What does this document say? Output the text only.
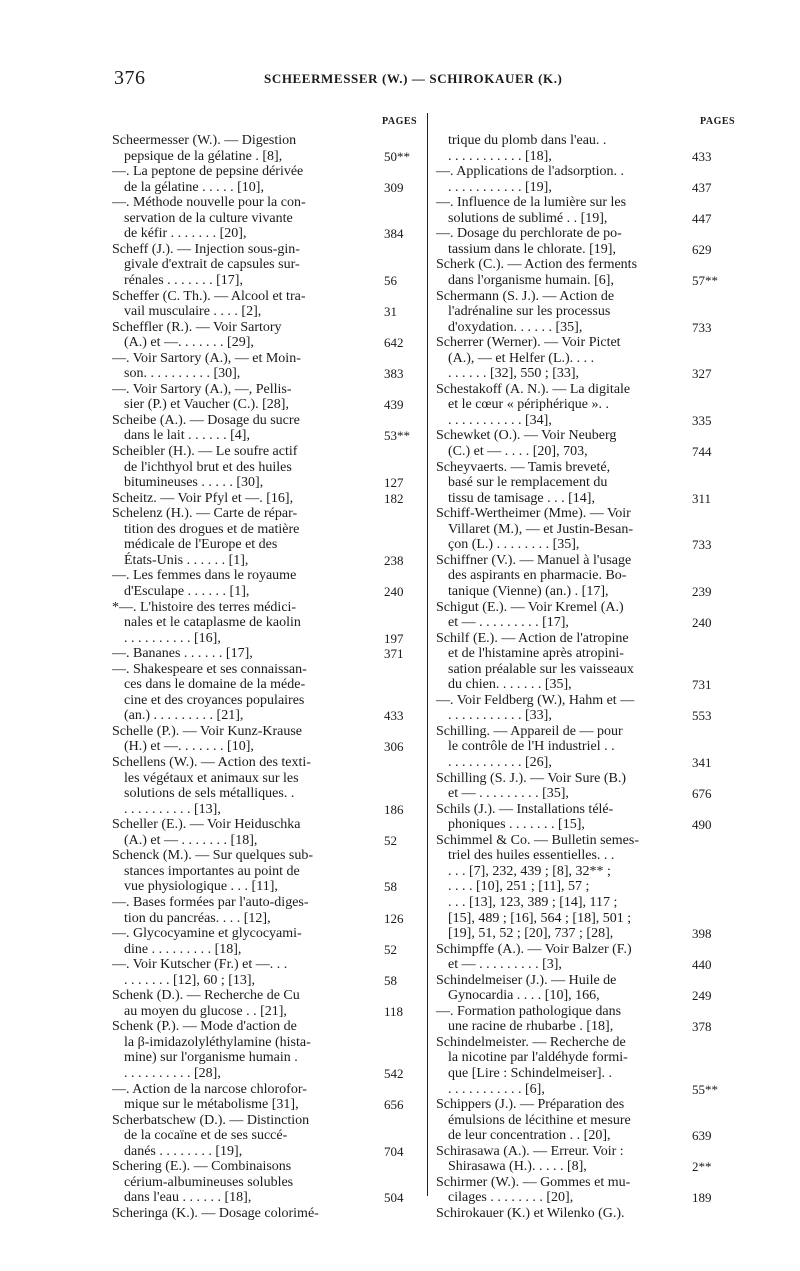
376	SCHEERMESSER (W.) — SCHIROKAUER (K.)
PAGES	PAGES
Scheermesser (W.). — Digestion
pepsique de la gélatine . [8],	50**
—. La peptone de pepsine dérivée
de la gélatine . . . . . [10],	309
—. Méthode nouvelle pour la con-
servation de la culture vivante
de kéfir . . . . . . . [20],	384
Scheff (J.). — Injection sous-gin-
givale d'extrait de capsules sur-
rénales . . . . . . . [17],	56
Scheffer (C. Th.). — Alcool et tra-
vail musculaire . . . . [2],	31
Scheffler (R.). — Voir Sartory
(A.) et —. . . . . . . [29],	642
—. Voir Sartory (A.), — et Moin-
son. . . . . . . . . . [30],	383
—. Voir Sartory (A.), —, Pellis-
sier (P.) et Vaucher (C.). [28],	439
Scheibe (A.). — Dosage du sucre
dans le lait . . . . . . [4],	53**
Scheibler (H.). — Le soufre actif
de l'ichthyol brut et des huiles
bitumineuses . . . . . [30],	127
Scheitz. — Voir Pfyl et —. [16],	182
Schelenz (H.). — Carte de répar-
tition des drogues et de matière
médicale de l'Europe et des
États-Unis . . . . . . [1],	238
—. Les femmes dans le royaume
d'Esculape . . . . . . [1],	240
*—. L'histoire des terres médici-
nales et le cataplasme de kaolin
. . . . . . . . . . [16],	197
—. Bananes . . . . . . [17],	371
—. Shakespeare et ses connaissan-
ces dans le domaine de la méde-
cine et des croyances populaires
(an.) . . . . . . . . . [21],	433
Schelle (P.). — Voir Kunz-Krause
(H.) et —. . . . . . . [10],	306
Schellens (W.). — Action des texti-
les végétaux et animaux sur les
solutions de sels métalliques. .
. . . . . . . . . . [13],	186
Scheller (E.). — Voir Heiduschka
(A.) et — . . . . . . . [18],	52
Schenck (M.). — Sur quelques sub-
stances importantes au point de
vue physiologique . . . [11],	58
—. Bases formées par l'auto-diges-
tion du pancréas. . . . [12],	126
—. Glycocyamine et glycocyami-
dine . . . . . . . . . [18],	52
—. Voir Kutscher (Fr.) et —. . .
. . . . . . . [12], 60 ; [13],	58
Schenk (D.). — Recherche de Cu
au moyen du glucose . . [21],	118
Schenk (P.). — Mode d'action de
la β-imidazolyléthylamine (hista-
mine) sur l'organisme humain .
. . . . . . . . . . [28],	542
—. Action de la narcose chlorofor-
mique sur le métabolisme [31],	656
Scherbatschew (D.). — Distinction
de la cocaïne et de ses succé-
danés . . . . . . . . [19],	704
Schering (E.). — Combinaisons
cérium-albumineuses solubles
dans l'eau . . . . . . [18],	504
Scheringa (K.). — Dosage colorimé-
trique du plomb dans l'eau. .
. . . . . . . . . . . [18],	433
—. Applications de l'adsorption. .
. . . . . . . . . . . [19],	437
—. Influence de la lumière sur les
solutions de sublimé . . [19],	447
—. Dosage du perchlorate de po-
tassium dans le chlorate. [19],	629
Scherk (C.). — Action des ferments
dans l'organisme humain. [6],	57**
Schermann (S. J.). — Action de
l'adrénaline sur les processus
d'oxydation. . . . . . [35],	733
Scherrer (Werner). — Voir Pictet
(A.), — et Helfer (L.). . . .
. . . . . . [32], 550 ; [33],	327
Schestakoff (A. N.). — La digitale
et le cœur « périphérique ». .
. . . . . . . . . . . [34],	335
Schewket (O.). — Voir Neuberg
(C.) et — . . . . [20], 703,	744
Scheyvaerts. — Tamis breveté,
basé sur le remplacement du
tissu de tamisage . . . [14],	311
Schiff-Wertheimer (Mme). — Voir
Villaret (M.), — et Justin-Besan-
çon (L.) . . . . . . . . [35],	733
Schiffner (V.). — Manuel à l'usage
des aspirants en pharmacie. Bo-
tanique (Vienne) (an.) . [17],	239
Schigut (E.). — Voir Kremel (A.)
et — . . . . . . . . . [17],	240
Schilf (E.). — Action de l'atropine
et de l'histamine après atropini-
sation préalable sur les vaisseaux
du chien. . . . . . . [35],	731
—. Voir Feldberg (W.), Hahm et —
. . . . . . . . . . . [33],	553
Schilling. — Appareil de — pour
le contrôle de l'H industriel . .
. . . . . . . . . . . [26],	341
Schilling (S. J.). — Voir Sure (B.)
et — . . . . . . . . . [35],	676
Schils (J.). — Installations télé-
phoniques . . . . . . . [15],	490
Schimmel & Co. — Bulletin semes-
triel des huiles essentielles. . .
. . . [7], 232, 439 ; [8], 32** ;
. . . . [10], 251 ; [11], 57 ;
. . . [13], 123, 389 ; [14], 117 ;
[15], 489 ; [16], 564 ; [18], 501 ;
[19], 51, 52 ; [20], 737 ; [28],	398
Schimpffe (A.). — Voir Balzer (F.)
et — . . . . . . . . . [3],	440
Schindelmeiser (J.). — Huile de
Gynocardia . . . . [10], 166,	249
—. Formation pathologique dans
une racine de rhubarbe . [18],	378
Schindelmeister. — Recherche de
la nicotine par l'aldéhyde formi-
que [Lire : Schindelmeiser]. .
. . . . . . . . . . . [6],	55**
Schippers (J.). — Préparation des
émulsions de lécithine et mesure
de leur concentration . . [20],	639
Schirasawa (A.). — Erreur. Voir :
Shirasawa (H.). . . . . [8],	2**
Schirmer (W.). — Gommes et mu-
cilages . . . . . . . . [20],	189
Schirokauer (K.) et Wilenko (G.).
